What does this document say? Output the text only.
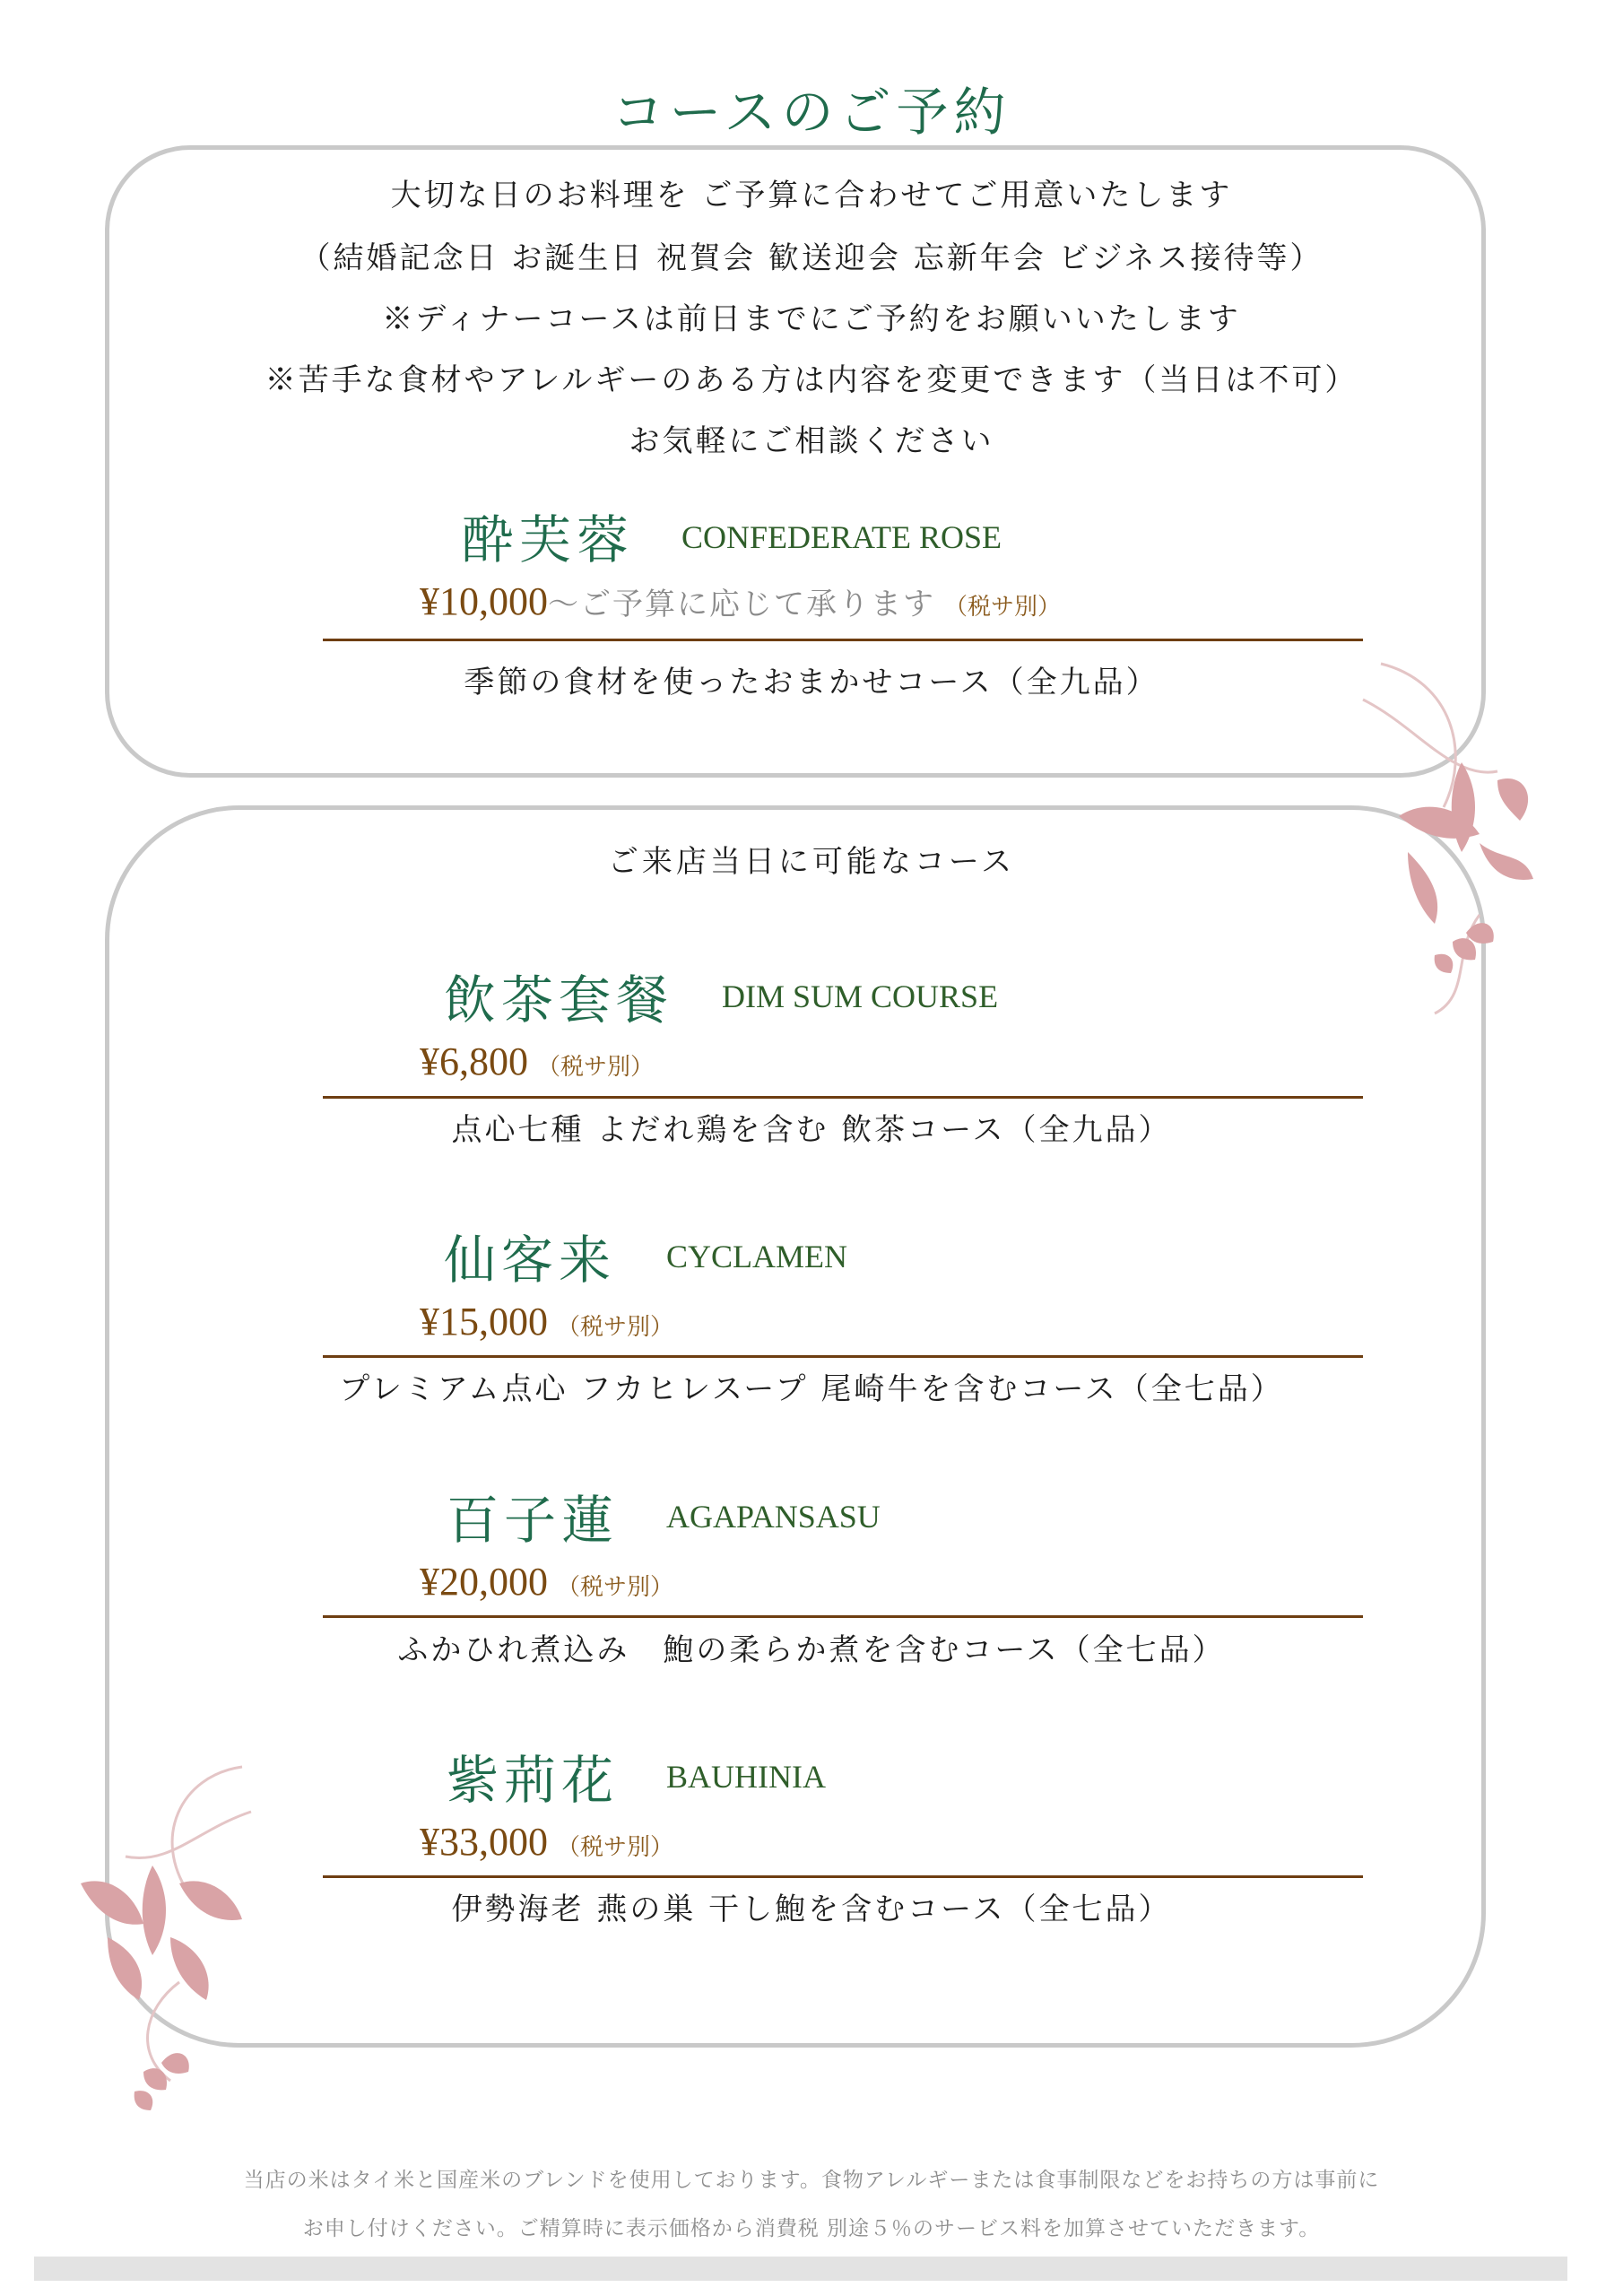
コースのご予約
大切な日のお料理を ご予算に合わせてご用意いたします
（結婚記念日 お誕生日 祝賀会 歓送迎会 忘新年会 ビジネス接待等）
※ディナーコースは前日までにご予約をお願いいたします
※苦手な食材やアレルギーのある方は内容を変更できます（当日は不可）
お気軽にご相談ください
酔芙蓉 CONFEDERATE ROSE
¥10,000～ご予算に応じて承ります （税サ別）
季節の食材を使ったおまかせコース（全九品）
ご来店当日に可能なコース
飲茶套餐 DIM SUM COURSE
¥6,800 （税サ別）
点心七種 よだれ鶏を含む 飲茶コース（全九品）
仙客来 CYCLAMEN
¥15,000 （税サ別）
プレミアム点心 フカヒレスープ 尾崎牛を含むコース（全七品）
百子蓮 AGAPANSASU
¥20,000 （税サ別）
ふかひれ煮込み　鮑の柔らか煮を含むコース（全七品）
紫荊花 BAUHINIA
¥33,000 （税サ別）
伊勢海老 燕の巣 干し鮑を含むコース（全七品）
当店の米はタイ米と国産米のブレンドを使用しております。食物アレルギーまたは食事制限などをお持ちの方は事前に
お申し付けください。ご精算時に表示価格から消費税 別途５％のサービス料を加算させていただきます。
